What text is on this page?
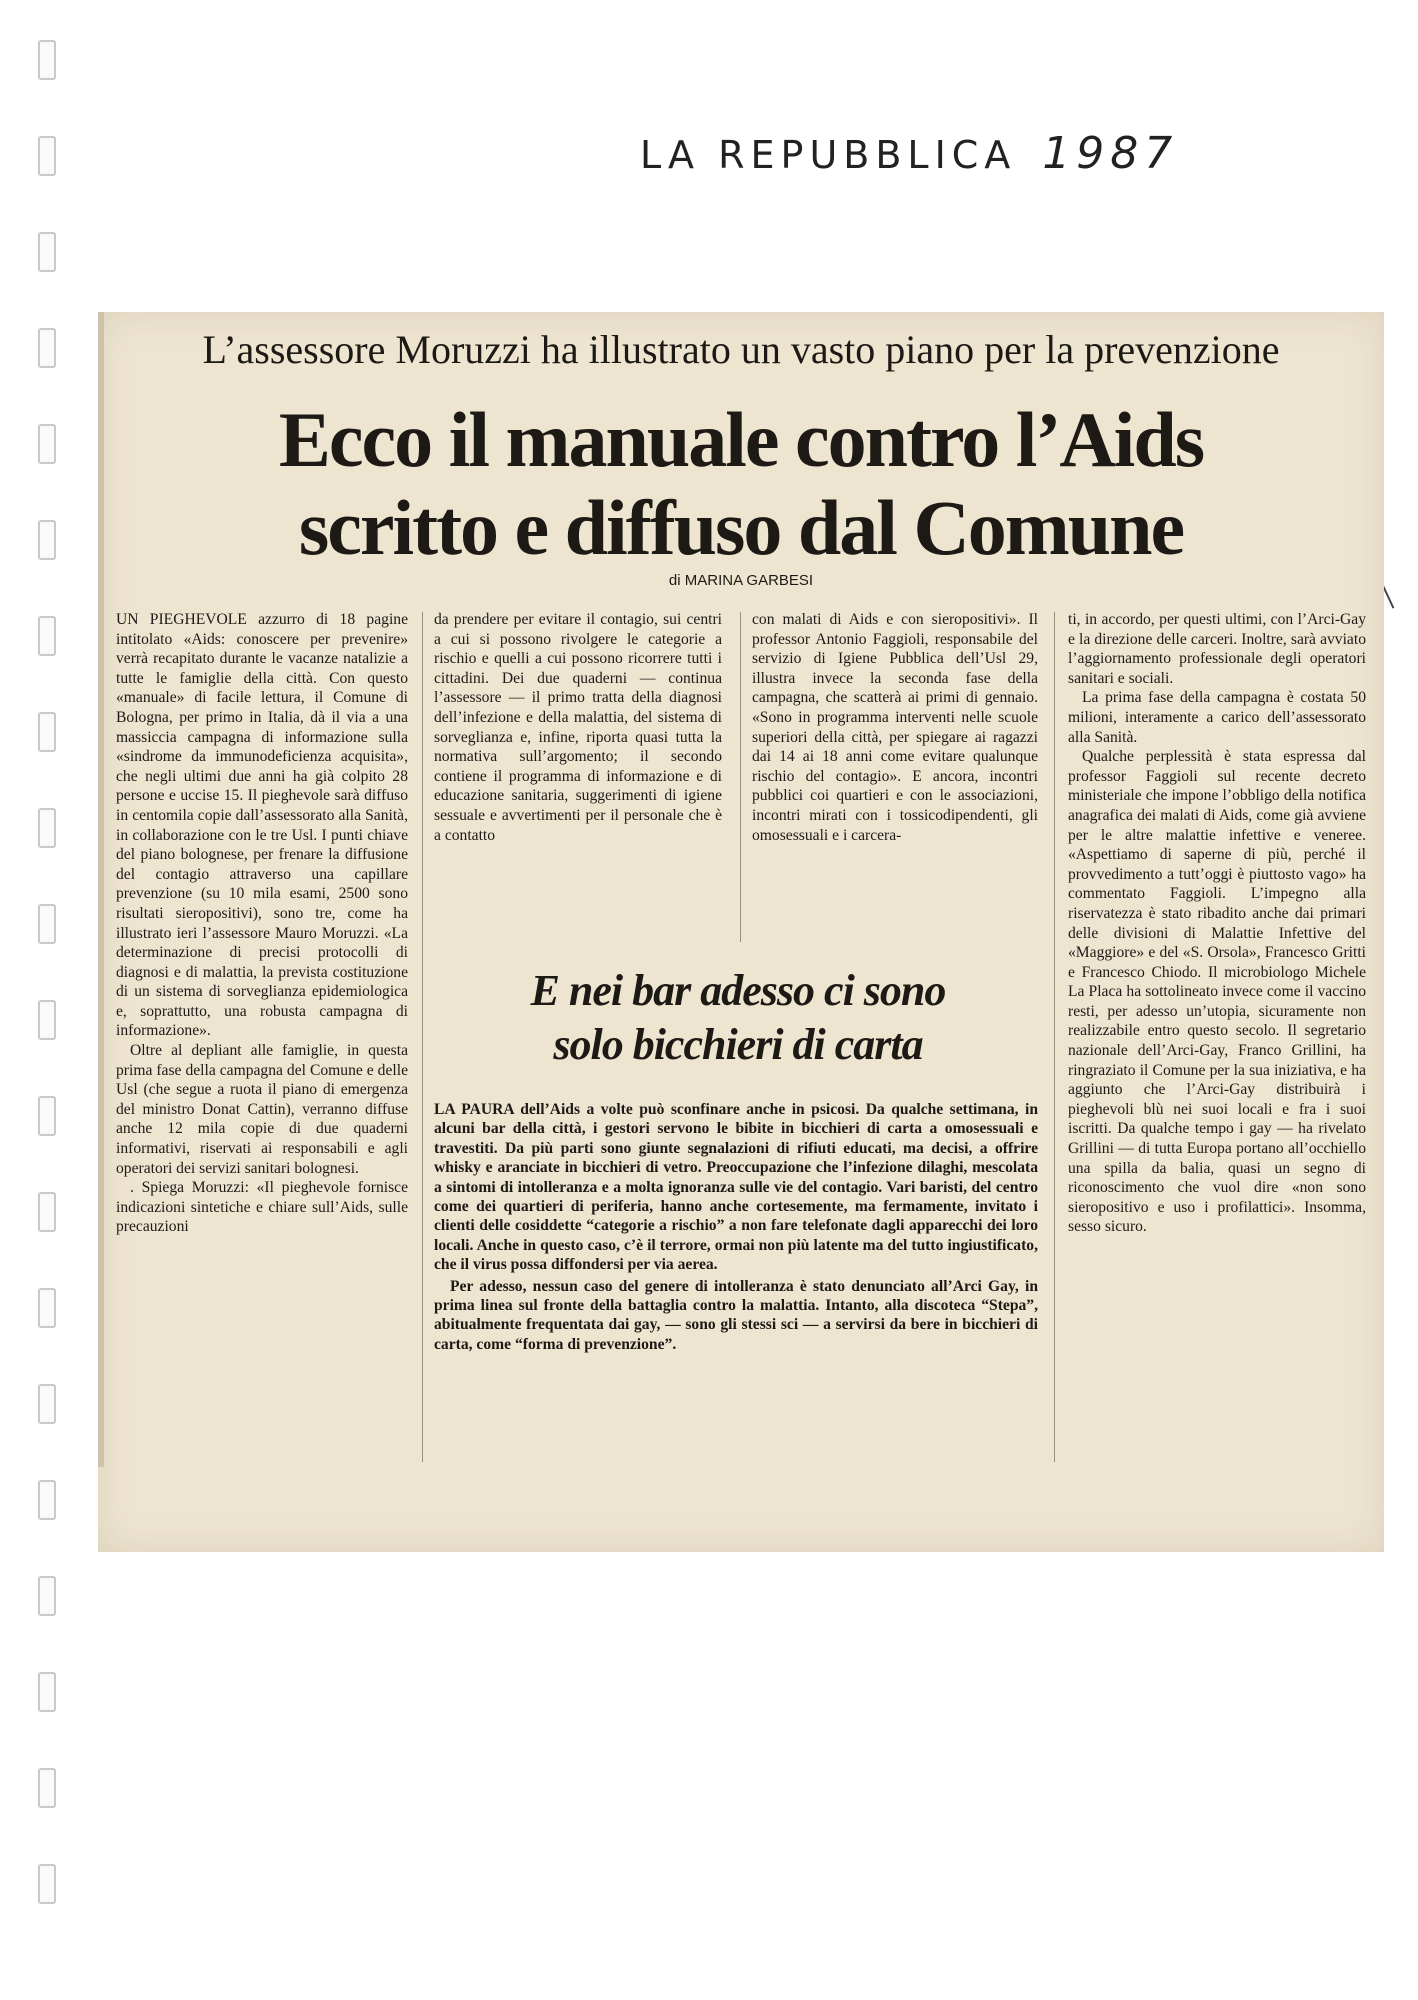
LA REPUBBLICA 1987
L’assessore Moruzzi ha illustrato un vasto piano per la prevenzione
Ecco il manuale contro l’Aids
scritto e diffuso dal Comune
di MARINA GARBESI

UN PIEGHEVOLE azzurro di 18 pagine intitolato «Aids: conoscere per prevenire» verrà recapitato durante le vacanze natalizie a tutte le famiglie della città. Con questo «manuale» di facile lettura, il Comune di Bologna, per primo in Italia, dà il via a una massiccia campagna di informazione sulla «sindrome da immunodeficienza acquisita», che negli ultimi due anni ha già colpito 28 persone e uccise 15. Il pieghevole sarà diffuso in centomila copie dall’assessorato alla Sanità, in collaborazione con le tre Usl. I punti chiave del piano bolognese, per frenare la diffusione del contagio attraverso una capillare prevenzione (su 10 mila esami, 2500 sono risultati sieropositivi), sono tre, come ha illustrato ieri l’assessore Mauro Moruzzi. «La determinazione di precisi protocolli di diagnosi e di malattia, la prevista costituzione di un sistema di sorveglianza epidemiologica e, soprattutto, una robusta campagna di informazione».

Oltre al depliant alle famiglie, in questa prima fase della campagna del Comune e delle Usl (che segue a ruota il piano di emergenza del ministro Donat Cattin), verranno diffuse anche 12 mila copie di due quaderni informativi, riservati ai responsabili e agli operatori dei servizi sanitari bolognesi.

. Spiega Moruzzi: «Il pieghevole fornisce indicazioni sintetiche e chiare sull’Aids, sulle precauzioni

da prendere per evitare il contagio, sui centri a cui si possono rivolgere le categorie a rischio e quelli a cui possono ricorrere tutti i cittadini. Dei due quaderni — continua l’assessore — il primo tratta della diagnosi dell’infezione e della malattia, del sistema di sorveglianza e, infine, riporta quasi tutta la normativa sull’argomento; il secondo contiene il programma di informazione e di educazione sanitaria, suggerimenti di igiene sessuale e avvertimenti per il personale che è a contatto

con malati di Aids e con sieropositivi». Il professor Antonio Faggioli, responsabile del servizio di Igiene Pubblica dell’Usl 29, illustra invece la seconda fase della campagna, che scatterà ai primi di gennaio. «Sono in programma interventi nelle scuole superiori della città, per spiegare ai ragazzi dai 14 ai 18 anni come evitare qualunque rischio del contagio». E ancora, incontri pubblici coi quartieri e con le associazioni, incontri mirati con i tossicodipendenti, gli omosessuali e i carcera-

ti, in accordo, per questi ultimi, con l’Arci-Gay e la direzione delle carceri. Inoltre, sarà avviato l’aggiornamento professionale degli operatori sanitari e sociali.

La prima fase della campagna è costata 50 milioni, interamente a carico dell’assessorato alla Sanità.

Qualche perplessità è stata espressa dal professor Faggioli sul recente decreto ministeriale che impone l’obbligo della notifica anagrafica dei malati di Aids, come già avviene per le altre malattie infettive e veneree. «Aspettiamo di saperne di più, perché il provvedimento a tutt’oggi è piuttosto vago» ha commentato Faggioli. L’impegno alla riservatezza è stato ribadito anche dai primari delle divisioni di Malattie Infettive del «Maggiore» e del «S. Orsola», Francesco Gritti e Francesco Chiodo. Il microbiologo Michele La Placa ha sottolineato invece come il vaccino resti, per adesso un’utopia, sicuramente non realizzabile entro questo secolo. Il segretario nazionale dell’Arci-Gay, Franco Grillini, ha ringraziato il Comune per la sua iniziativa, e ha aggiunto che l’Arci-Gay distribuirà i pieghevoli blù nei suoi locali e fra i suoi iscritti. Da qualche tempo i gay — ha rivelato Grillini — di tutta Europa portano all’occhiello una spilla da balia, quasi un segno di riconoscimento che vuol dire «non sono sieropositivo e uso i profilattici». Insomma, sesso sicuro.

E nei bar adesso ci sono
solo bicchieri di carta

LA PAURA dell’Aids a volte può sconfinare anche in psicosi. Da qualche settimana, in alcuni bar della città, i gestori servono le bibite in bicchieri di carta a omosessuali e travestiti. Da più parti sono giunte segnalazioni di rifiuti educati, ma decisi, a offrire whisky e aranciate in bicchieri di vetro. Preoccupazione che l’infezione dilaghi, mescolata a sintomi di intolleranza e a molta ignoranza sulle vie del contagio. Vari baristi, del centro come dei quartieri di periferia, hanno anche cortesemente, ma fermamente, invitato i clienti delle cosiddette “categorie a rischio” a non fare telefonate dagli apparecchi dei loro locali. Anche in questo caso, c’è il terrore, ormai non più latente ma del tutto ingiustificato, che il virus possa diffondersi per via aerea.

Per adesso, nessun caso del genere di intolleranza è stato denunciato all’Arci Gay, in prima linea sul fronte della battaglia contro la malattia. Intanto, alla discoteca “Stepa”, abitualmente frequentata dai gay, — sono gli stessi sci — a servirsi da bere in bicchieri di carta, come “forma di prevenzione”.
